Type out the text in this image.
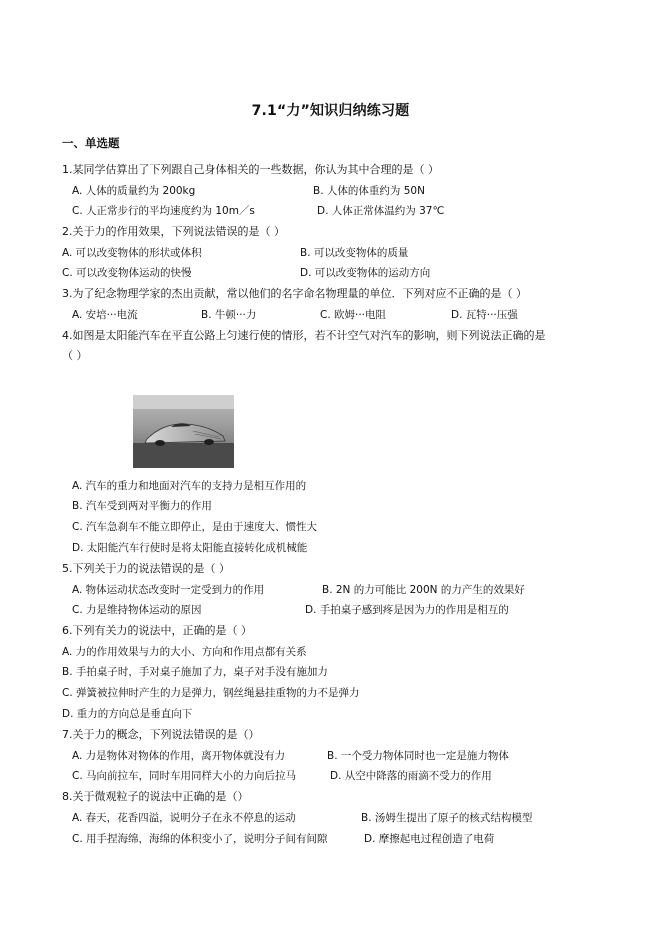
7.1“力”知识归纳练习题
一、单选题
1.某同学估算出了下列跟自己身体相关的一些数据，你认为其中合理的是（ ）
A. 人体的质量约为 200kg	B. 人体的体重约为 50N
C. 人正常步行的平均速度约为 10m／s	D. 人体正常体温约为 37℃
2.关于力的作用效果，下列说法错误的是（ ）
A. 可以改变物体的形状或体积	B. 可以改变物体的质量
C. 可以改变物体运动的快慢	D. 可以改变物体的运动方向
3.为了纪念物理学家的杰出贡献，常以他们的名字命名物理量的单位．下列对应不正确的是（ ）
A. 安培···电流	B. 牛顿···力	C. 欧姆···电阻	D. 瓦特···压强
4.如图是太阳能汽车在平直公路上匀速行使的情形，若不计空气对汽车的影响，则下列说法正确的是
（ ）
A. 汽车的重力和地面对汽车的支持力是相互作用的
B. 汽车受到两对平衡力的作用
C. 汽车急刹车不能立即停止，是由于速度大、惯性大
D. 太阳能汽车行使时是将太阳能直接转化成机械能
5.下列关于力的说法错误的是（ ）
A. 物体运动状态改变时一定受到力的作用	B. 2N 的力可能比 200N 的力产生的效果好
C. 力是维持物体运动的原因	D. 手拍桌子感到疼是因为力的作用是相互的
6.下列有关力的说法中，正确的是（ ）
A. 力的作用效果与力的大小、方向和作用点都有关系
B. 手拍桌子时，手对桌子施加了力，桌子对手没有施加力
C. 弹簧被拉伸时产生的力是弹力，钢丝绳悬挂重物的力不是弹力
D. 重力的方向总是垂直向下
7.关于力的概念，下列说法错误的是（）
A. 力是物体对物体的作用，离开物体就没有力	B. 一个受力物体同时也一定是施力物体
C. 马向前拉车，同时车用同样大小的力向后拉马	D. 从空中降落的雨滴不受力的作用
8.关于微观粒子的说法中正确的是（）
A. 春天，花香四溢，说明分子在永不停息的运动	B. 汤姆生提出了原子的核式结构模型
C. 用手捏海绵，海绵的体积变小了，说明分子间有间隙	D. 摩擦起电过程创造了电荷
